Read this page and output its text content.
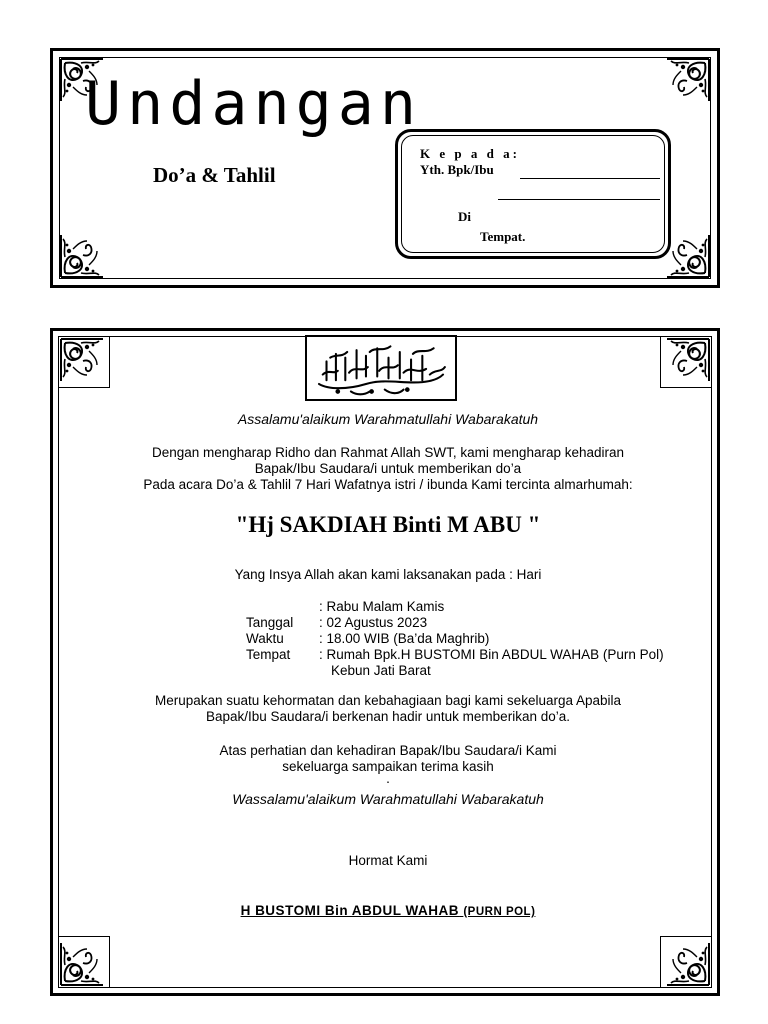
Undangan
Do’a & Tahlil
K e p a d a:
Yth. Bpk/Ibu
Di
Tempat.
Assalamu'alaikum Warahmatullahi Wabarakatuh
Dengan mengharap Ridho dan Rahmat Allah SWT, kami mengharap kehadiran
Bapak/Ibu Saudara/i untuk memberikan do’a
Pada acara Do’a & Tahlil 7 Hari Wafatnya istri / ibunda Kami tercinta almarhumah:
"Hj SAKDIAH Binti M ABU "
Yang Insya Allah akan kami laksanakan pada : Hari
: Rabu Malam Kamis
Tanggal : 02 Agustus 2023
Waktu	: 18.00 WIB (Ba’da Maghrib)
Tempat : Rumah Bpk.H BUSTOMI Bin ABDUL WAHAB (Purn Pol)
Kebun Jati Barat
Merupakan suatu kehormatan dan kebahagiaan bagi kami sekeluarga Apabila
Bapak/Ibu Saudara/i berkenan hadir untuk memberikan do’a.
Atas perhatian dan kehadiran Bapak/Ibu Saudara/i Kami
sekeluarga sampaikan terima kasih
.
Wassalamu'alaikum Warahmatullahi Wabarakatuh
Hormat Kami
H BUSTOMI Bin ABDUL WAHAB (PURN POL)
